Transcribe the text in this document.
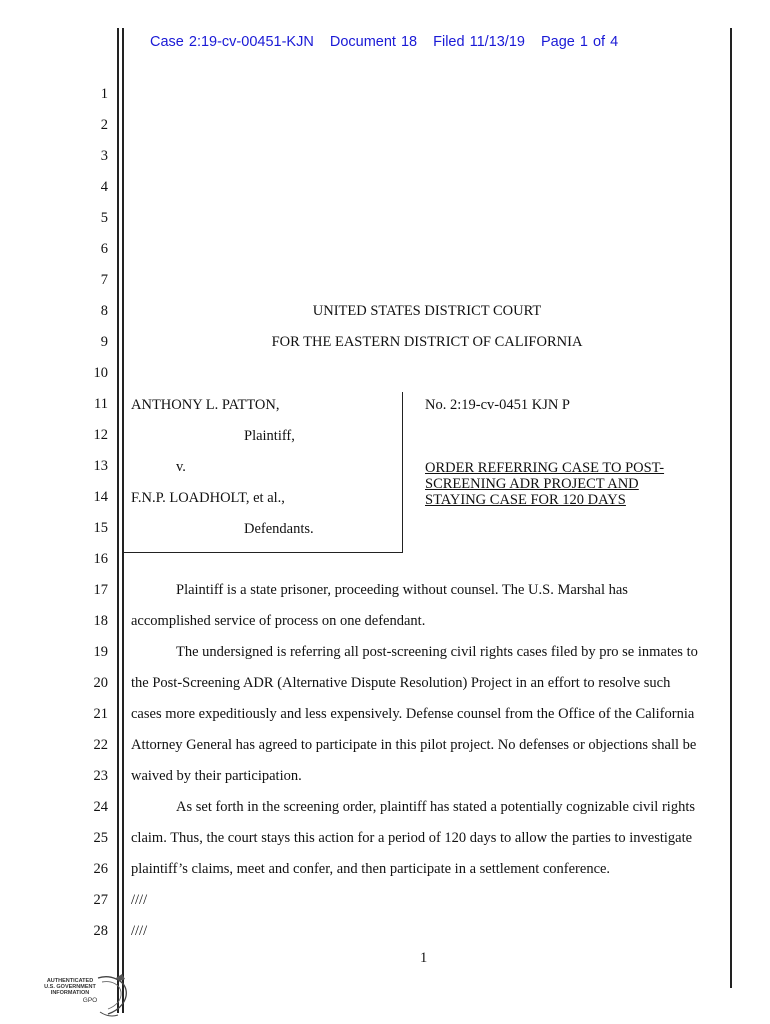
Case 2:19-cv-00451-KJN Document 18 Filed 11/13/19 Page 1 of 4
1
2
3
4
5
6
7
8
9
10
11
12
13
14
15
16
17
18
19
20
21
22
23
24
25
26
27
28
UNITED STATES DISTRICT COURT
FOR THE EASTERN DISTRICT OF CALIFORNIA
ANTHONY L. PATTON,
Plaintiff,
v.
F.N.P. LOADHOLT, et al.,
Defendants.
No. 2:19-cv-0451 KJN P
ORDER REFERRING CASE TO POST-
SCREENING ADR PROJECT AND
STAYING CASE FOR 120 DAYS
Plaintiff is a state prisoner, proceeding without counsel. The U.S. Marshal has
accomplished service of process on one defendant.
The undersigned is referring all post-screening civil rights cases filed by pro se inmates to
the Post-Screening ADR (Alternative Dispute Resolution) Project in an effort to resolve such
cases more expeditiously and less expensively. Defense counsel from the Office of the California
Attorney General has agreed to participate in this pilot project. No defenses or objections shall be
waived by their participation.
As set forth in the screening order, plaintiff has stated a potentially cognizable civil rights
claim. Thus, the court stays this action for a period of 120 days to allow the parties to investigate
plaintiff’s claims, meet and confer, and then participate in a settlement conference.
////
////
1
AUTHENTICATED
U.S. GOVERNMENT
INFORMATION
GPO
